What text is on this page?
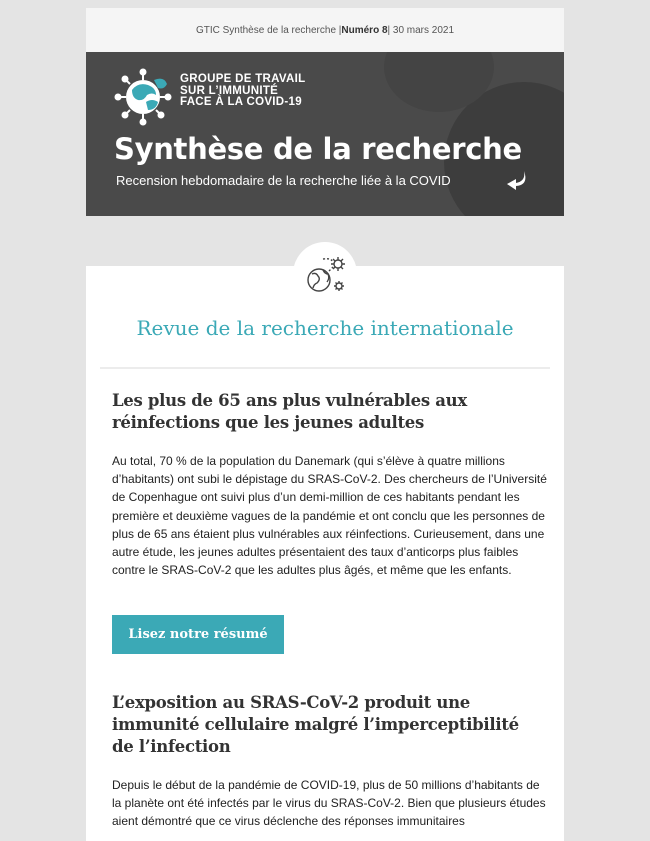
GTIC Synthèse de la recherche | Numéro 8 | 30 mars 2021
GROUPE DE TRAVAIL
SUR L’IMMUNITÉ
FACE À LA COVID-19
Synthèse de la recherche
Recension hebdomadaire de la recherche liée à la COVID
Revue de la recherche internationale
Les plus de 65 ans plus vulnérables aux réinfections que les jeunes adultes
Au total, 70 % de la population du Danemark (qui s’élève à quatre millions d’habitants) ont subi le dépistage du SRAS-CoV-2. Des chercheurs de l’Université de Copenhague ont suivi plus d’un demi-million de ces habitants pendant les première et deuxième vagues de la pandémie et ont conclu que les personnes de plus de 65 ans étaient plus vulnérables aux réinfections. Curieusement, dans une autre étude, les jeunes adultes présentaient des taux d’anticorps plus faibles contre le SRAS-CoV-2 que les adultes plus âgés, et même que les enfants.
Lisez notre résumé
L’exposition au SRAS-CoV-2 produit une immunité cellulaire malgré l’imperceptibilité de l’infection
Depuis le début de la pandémie de COVID-19, plus de 50 millions d’habitants de la planète ont été infectés par le virus du SRAS-CoV-2. Bien que plusieurs études aient démontré que ce virus déclenche des réponses immunitaires
